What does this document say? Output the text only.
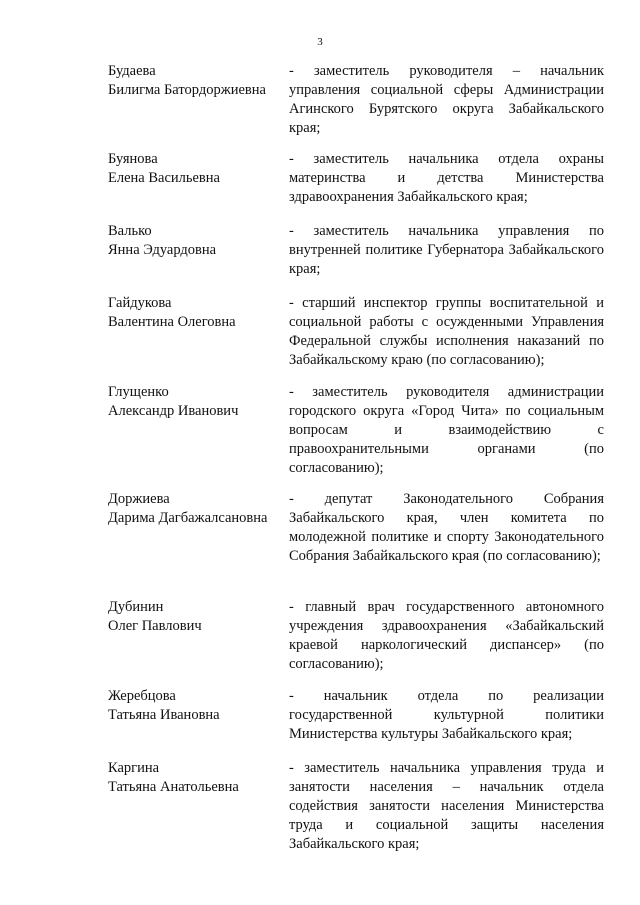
3
Будаева
Билигма Батордоржиевна
- заместитель руководителя – начальник управления социальной сферы Администрации Агинского Бурятского округа Забайкальского края;
Буянова
Елена Васильевна
- заместитель начальника отдела охраны материнства и детства Министерства здравоохранения Забайкальского края;
Валько
Янна Эдуардовна
- заместитель начальника управления по внутренней политике Губернатора Забайкальского края;
Гайдукова
Валентина Олеговна
- старший инспектор группы воспитательной и социальной работы с осужденными Управления Федеральной службы исполнения наказаний по Забайкальскому краю (по согласованию);
Глущенко
Александр Иванович
- заместитель руководителя администрации городского округа «Город Чита» по социальным вопросам и взаимодействию с правоохранительными органами (по согласованию);
Доржиева
Дарима Дагбажалсановна
- депутат Законодательного Собрания Забайкальского края, член комитета по молодежной политике и спорту Законодательного Собрания Забайкальского края (по согласованию);
Дубинин
Олег Павлович
- главный врач государственного автономного учреждения здравоохранения «Забайкальский краевой наркологический диспансер» (по согласованию);
Жеребцова
Татьяна Ивановна
- начальник отдела по реализации государственной культурной политики Министерства культуры Забайкальского края;
Каргина
Татьяна Анатольевна
- заместитель начальника управления труда и занятости населения – начальник отдела содействия занятости населения Министерства труда и социальной защиты населения Забайкальского края;
